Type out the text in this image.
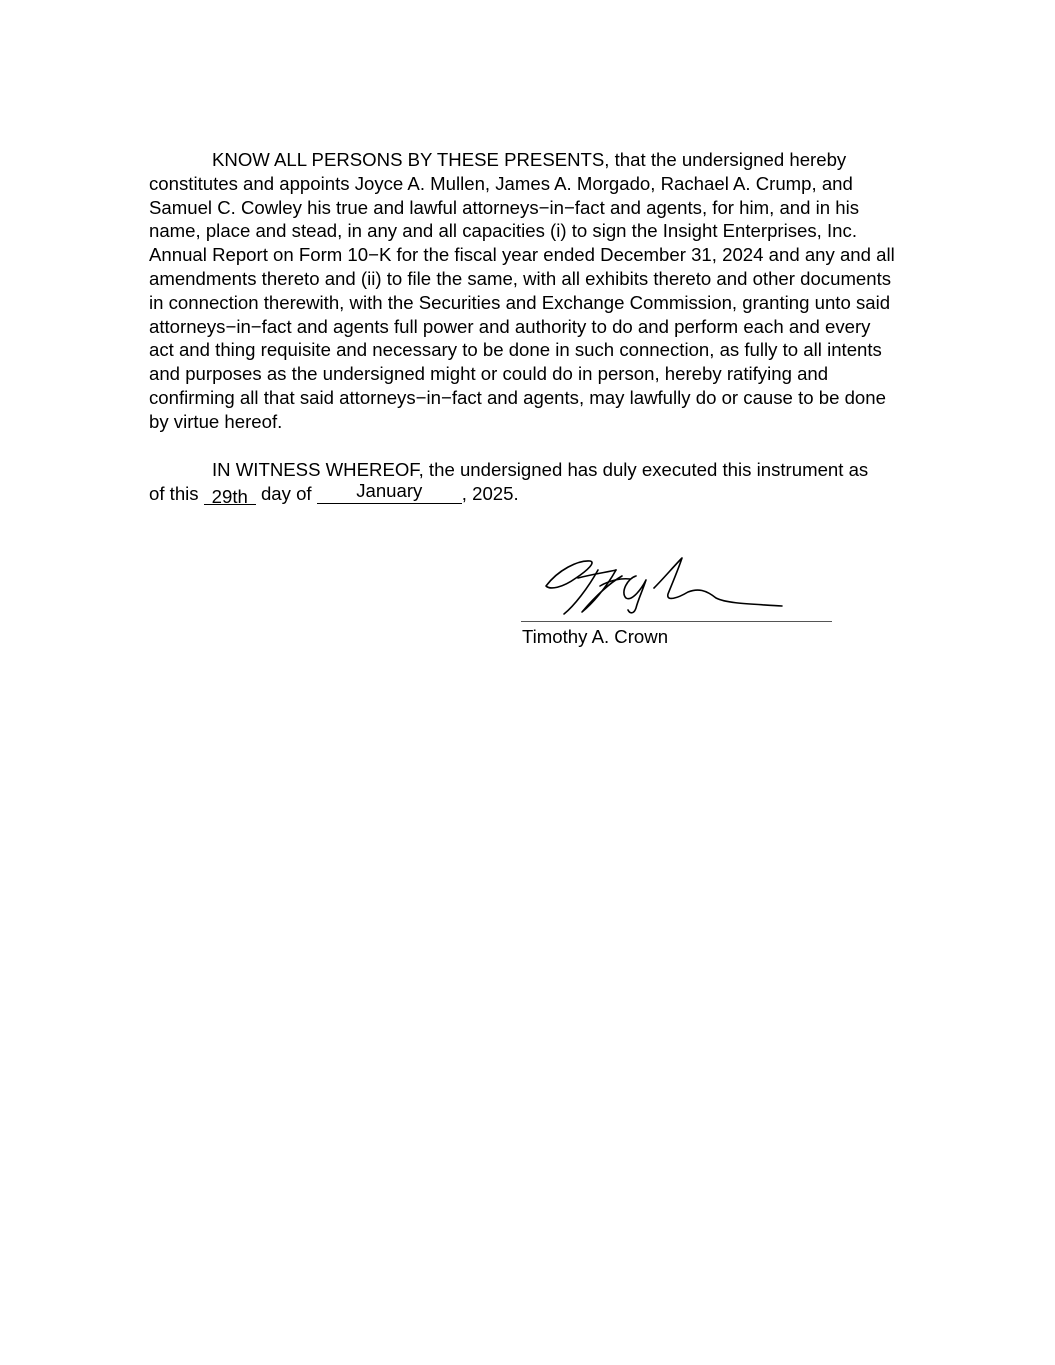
KNOW ALL PERSONS BY THESE PRESENTS, that the undersigned hereby
constitutes and appoints Joyce A. Mullen, James A. Morgado, Rachael A. Crump, and
Samuel C. Cowley his true and lawful attorneys−in−fact and agents, for him, and in his
name, place and stead, in any and all capacities (i) to sign the Insight Enterprises, Inc.
Annual Report on Form 10−K for the fiscal year ended December 31, 2024 and any and all
amendments thereto and (ii) to file the same, with all exhibits thereto and other documents
in connection therewith, with the Securities and Exchange Commission, granting unto said
attorneys−in−fact and agents full power and authority to do and perform each and every
act and thing requisite and necessary to be done in such connection, as fully to all intents
and purposes as the undersigned might or could do in person, hereby ratifying and
confirming all that said attorneys−in−fact and agents, may lawfully do or cause to be done
by virtue hereof.
IN WITNESS WHEREOF, the undersigned has duly executed this instrument as
of this 29th day of January , 2025.
Timothy A. Crown
